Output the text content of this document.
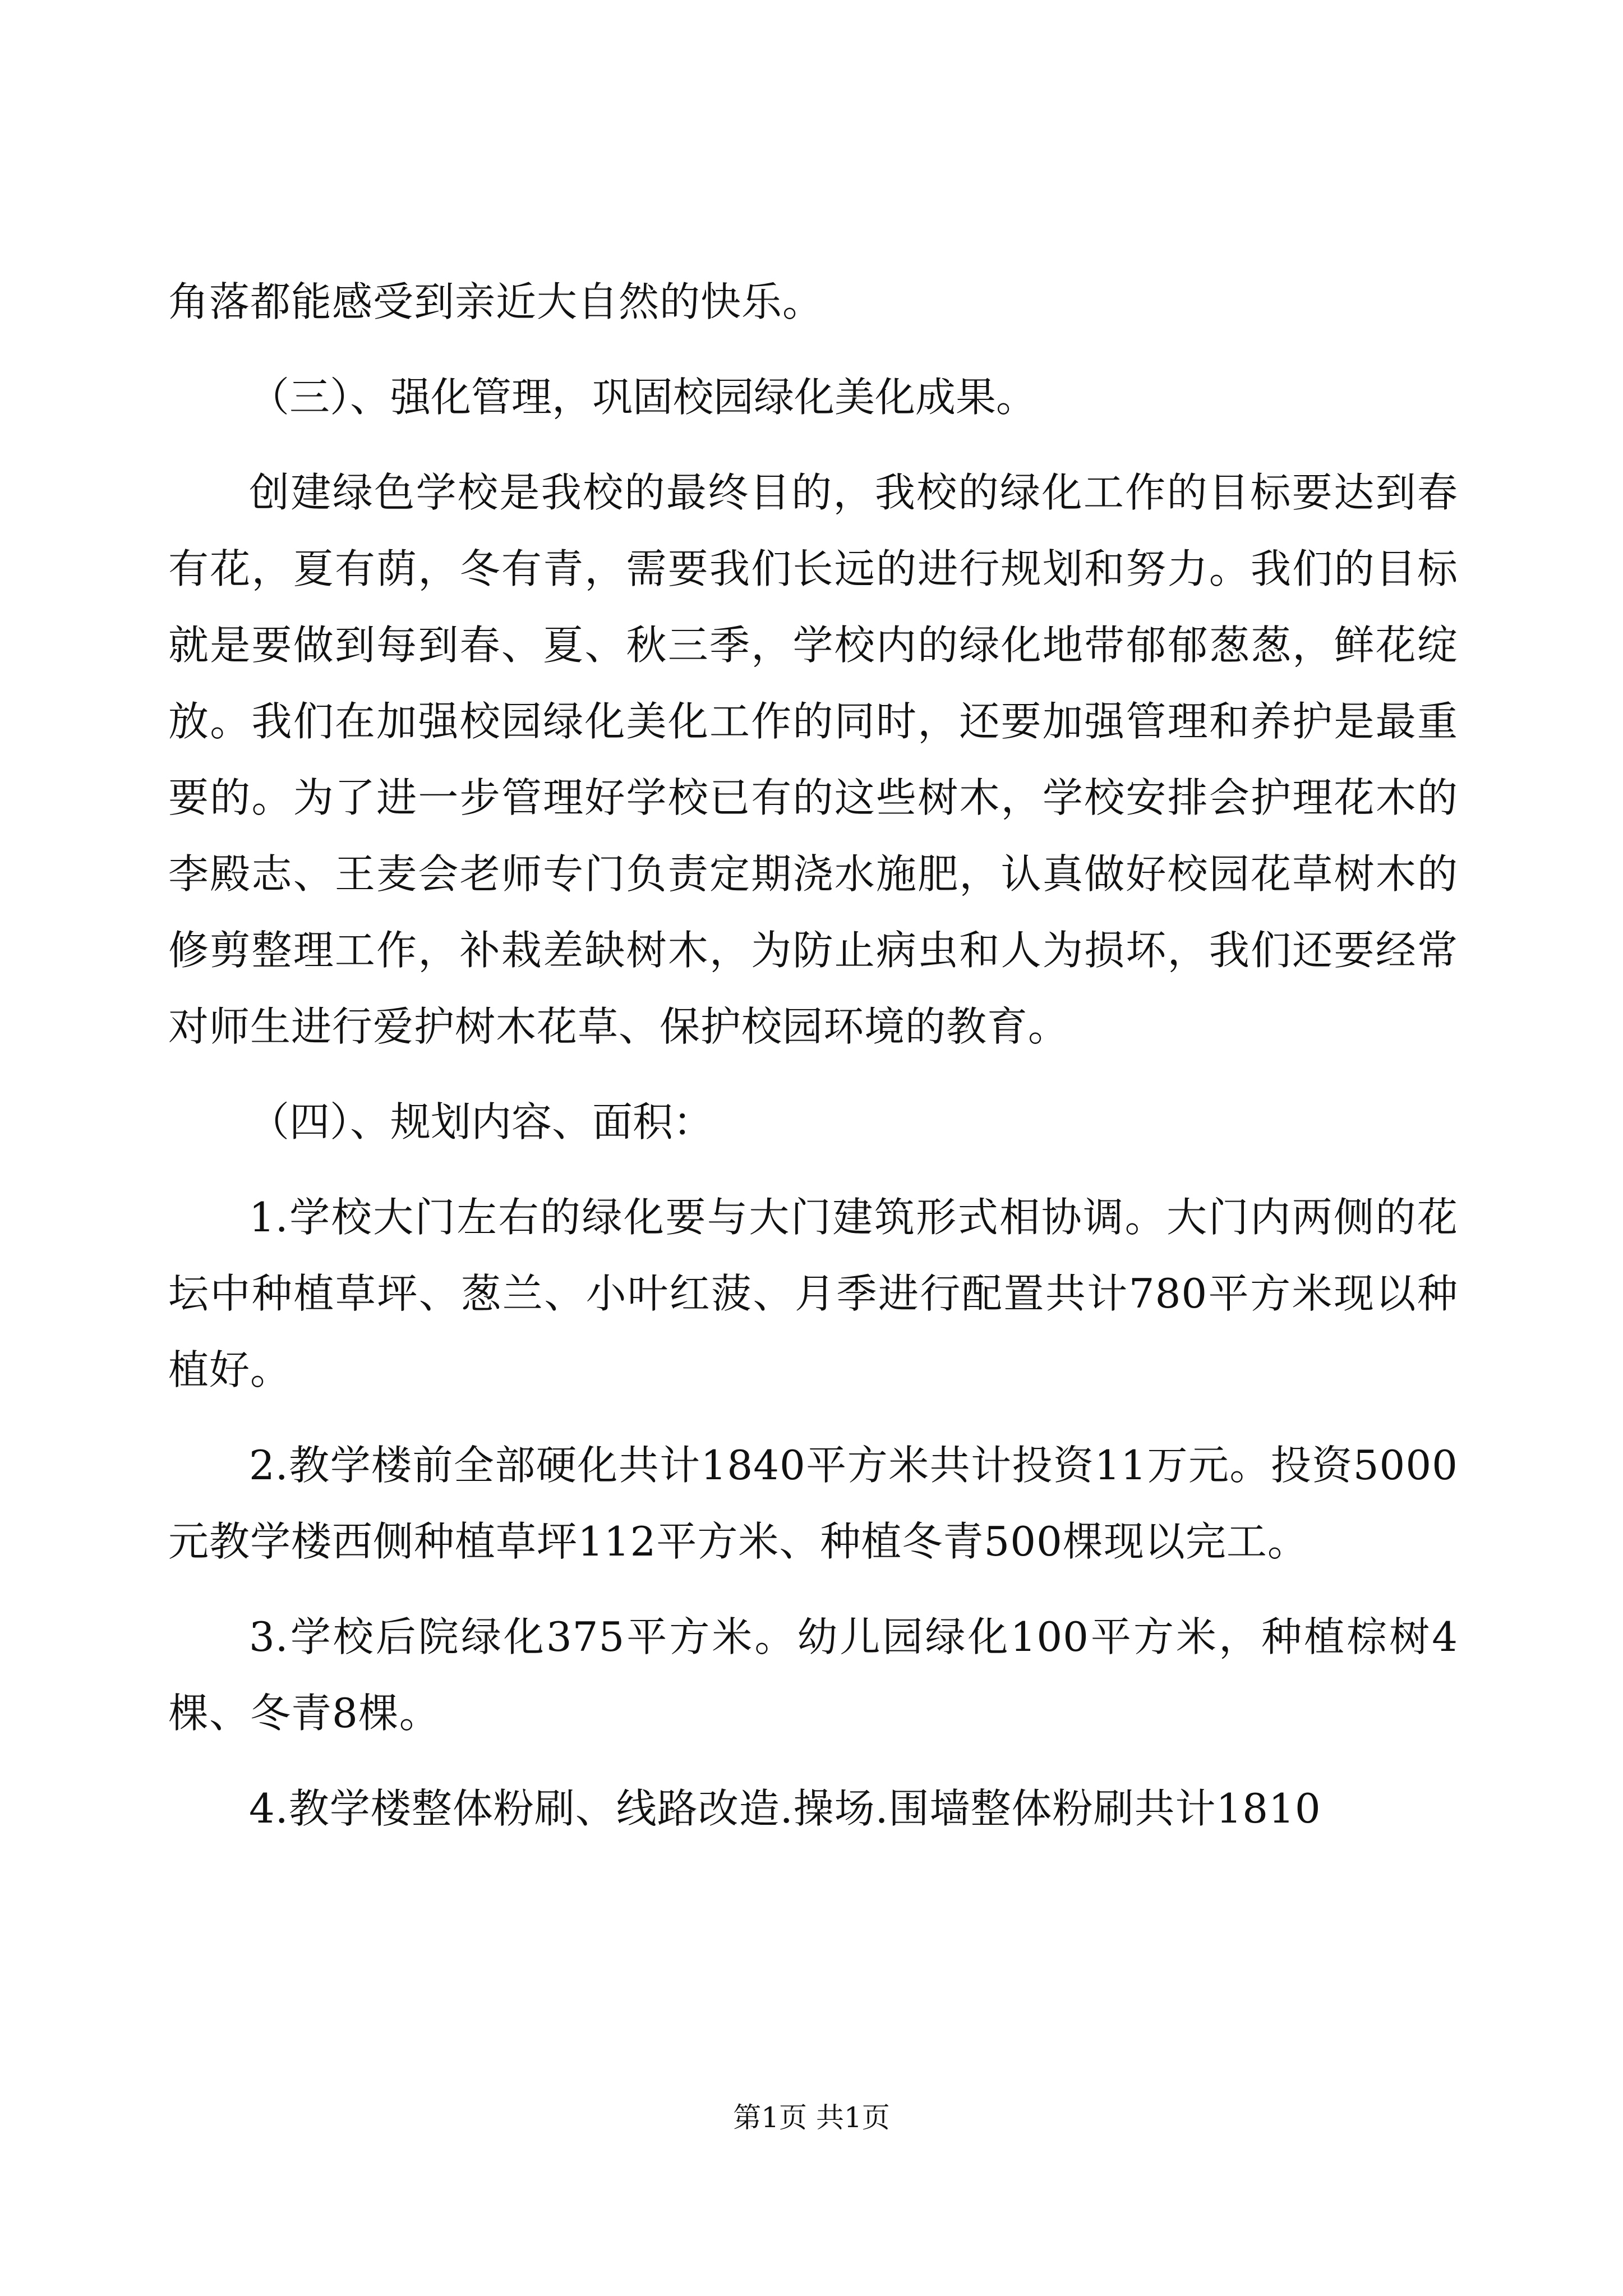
角落都能感受到亲近大自然的快乐。

（三）、强化管理，巩固校园绿化美化成果。

创建绿色学校是我校的最终目的，我校的绿化工作的目标要达到春有花，夏有荫，冬有青，需要我们长远的进行规划和努力。我们的目标就是要做到每到春、夏、秋三季，学校内的绿化地带郁郁葱葱，鲜花绽放。我们在加强校园绿化美化工作的同时，还要加强管理和养护是最重要的。为了进一步管理好学校已有的这些树木，学校安排会护理花木的李殿志、王麦会老师专门负责定期浇水施肥，认真做好校园花草树木的修剪整理工作，补栽差缺树木，为防止病虫和人为损坏，我们还要经常对师生进行爱护树木花草、保护校园环境的教育。

（四）、规划内容、面积：

1.学校大门左右的绿化要与大门建筑形式相协调。大门内两侧的花坛中种植草坪、葱兰、小叶红菠、月季进行配置共计780平方米现以种植好。

2.教学楼前全部硬化共计1840平方米共计投资11万元。投资5000元教学楼西侧种植草坪112平方米、种植冬青500棵现以完工。

3.学校后院绿化375平方米。幼儿园绿化100平方米，种植棕树4棵、冬青8棵。

4.教学楼整体粉刷、线路改造.操场.围墙整体粉刷共计1810

第1页 共1页
